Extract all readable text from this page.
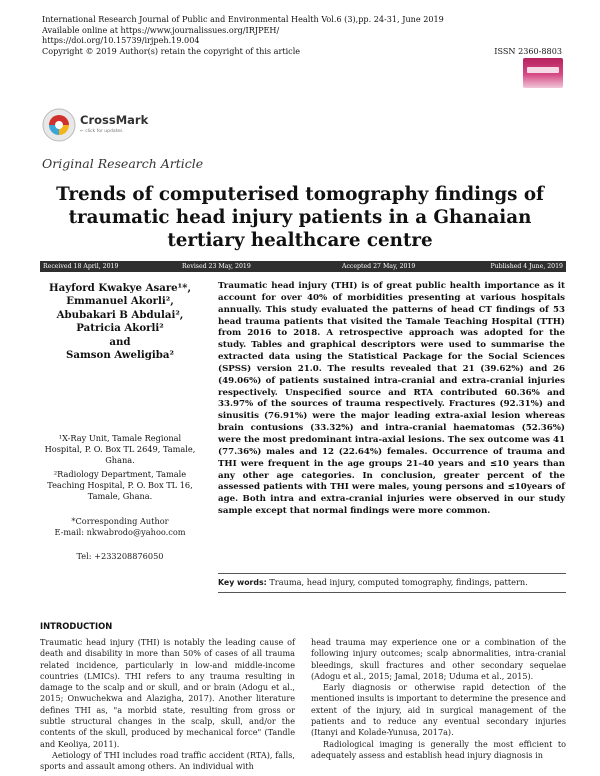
International Research Journal of Public and Environmental Health Vol.6 (3),pp. 24-31, June 2019
Available online at https://www.journalissues.org/IRJPEH/
https://doi.org/10.15739/irjpeh.19.004
Copyright © 2019 Author(s) retain the copyright of this article	ISSN 2360-8803
CrossMark
← click for updates
Original Research Article
Trends of computerised tomography findings of traumatic head injury patients in a Ghanaian tertiary healthcare centre
Received 18 April, 2019	Revised 23 May, 2019	Accepted 27 May, 2019	Published 4 June, 2019
Hayford Kwakye Asare¹*,
Emmanuel Akorli²,
Abubakari B Abdulai²,
Patricia Akorli²
and
Samson Aweligiba²
¹X-Ray Unit, Tamale Regional Hospital, P. O. Box TL 2649, Tamale, Ghana.
²Radiology Department, Tamale Teaching Hospital, P. O. Box TL 16, Tamale, Ghana.
*Corresponding Author
E-mail: nkwabrodo@yahoo.com
Tel: +233208876050
Traumatic head injury (THI) is of great public health importance as it account for over 40% of morbidities presenting at various hospitals annually. This study evaluated the patterns of head CT findings of 53 head trauma patients that visited the Tamale Teaching Hospital (TTH) from 2016 to 2018. A retrospective approach was adopted for the study. Tables and graphical descriptors were used to summarise the extracted data using the Statistical Package for the Social Sciences (SPSS) version 21.0. The results revealed that 21 (39.62%) and 26 (49.06%) of patients sustained intra-cranial and extra-cranial injuries respectively. Unspecified source and RTA contributed 60.36% and 33.97% of the sources of trauma respectively. Fractures (92.31%) and sinusitis (76.91%) were the major leading extra-axial lesion whereas brain contusions (33.32%) and intra-cranial haematomas (52.36%) were the most predominant intra-axial lesions. The sex outcome was 41 (77.36%) males and 12 (22.64%) females. Occurrence of trauma and THI were frequent in the age groups 21-40 years and ≤10 years than any other age categories. In conclusion, greater percent of the assessed patients with THI were males, young persons and ≤10years of age. Both intra and extra-cranial injuries were observed in our study sample except that normal findings were more common.
Key words: Trauma, head injury, computed tomography, findings, pattern.
INTRODUCTION

Traumatic head injury (THI) is notably the leading cause of death and disability in more than 50% of cases of all trauma related incidence, particularly in low-and middle-income countries (LMICs). THI refers to any trauma resulting in damage to the scalp and or skull, and or brain (Adogu et al., 2015; Onwuchekwa and Alazigha, 2017). Another literature defines THI as, "a morbid state, resulting from gross or subtle structural changes in the scalp, skull, and/or the contents of the skull, produced by mechanical force" (Tandle and Keoliya, 2011).

Aetiology of THI includes road traffic accident (RTA), falls, sports and assault among others. An individual with

head trauma may experience one or a combination of the following injury outcomes; scalp abnormalities, intra-cranial bleedings, skull fractures and other secondary sequelae (Adogu et al., 2015; Jamal, 2018; Uduma et al., 2015).

Early diagnosis or otherwise rapid detection of the mentioned insults is important to determine the presence and extent of the injury, aid in surgical management of the patients and to reduce any eventual secondary injuries (Itanyi and Kolade-Yunusa, 2017a).

Radiological imaging is generally the most efficient to adequately assess and establish head injury diagnosis in
